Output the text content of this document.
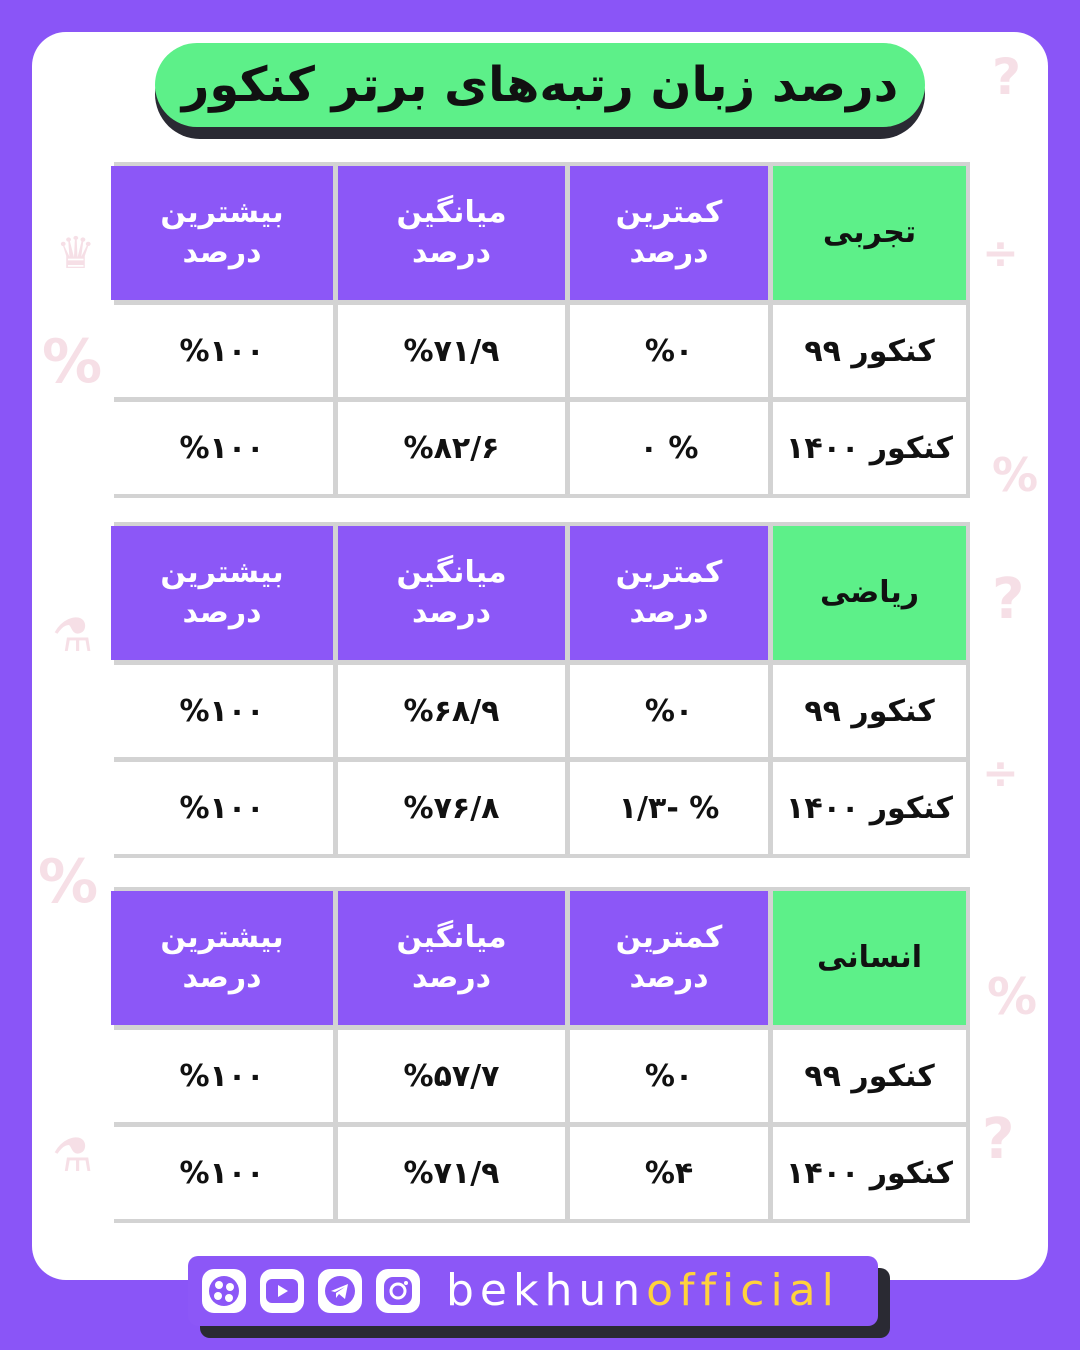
%
%
?
?
?
%
%
⚗
⚗
♛	÷
÷
درصد زبان رتبه‌های برتر کنکور
تجربی
کمترین
درصد
میانگین
درصد
بیشترین
درصد
کنکور ۹۹
%۰
%۷۱/۹
%۱۰۰
کنکور ۱۴۰۰
% ۰
%۸۲/۶
%۱۰۰
ریاضی
کمترین
درصد
میانگین
درصد
بیشترین
درصد
کنکور ۹۹
%۰
%۶۸/۹
%۱۰۰
کنکور ۱۴۰۰
% -۱/۳
%۷۶/۸
%۱۰۰
انسانی
کمترین
درصد
میانگین
درصد
بیشترین
درصد
کنکور ۹۹
%۰
%۵۷/۷
%۱۰۰
کنکور ۱۴۰۰
%۴
%۷۱/۹
%۱۰۰
bekhunofficial
